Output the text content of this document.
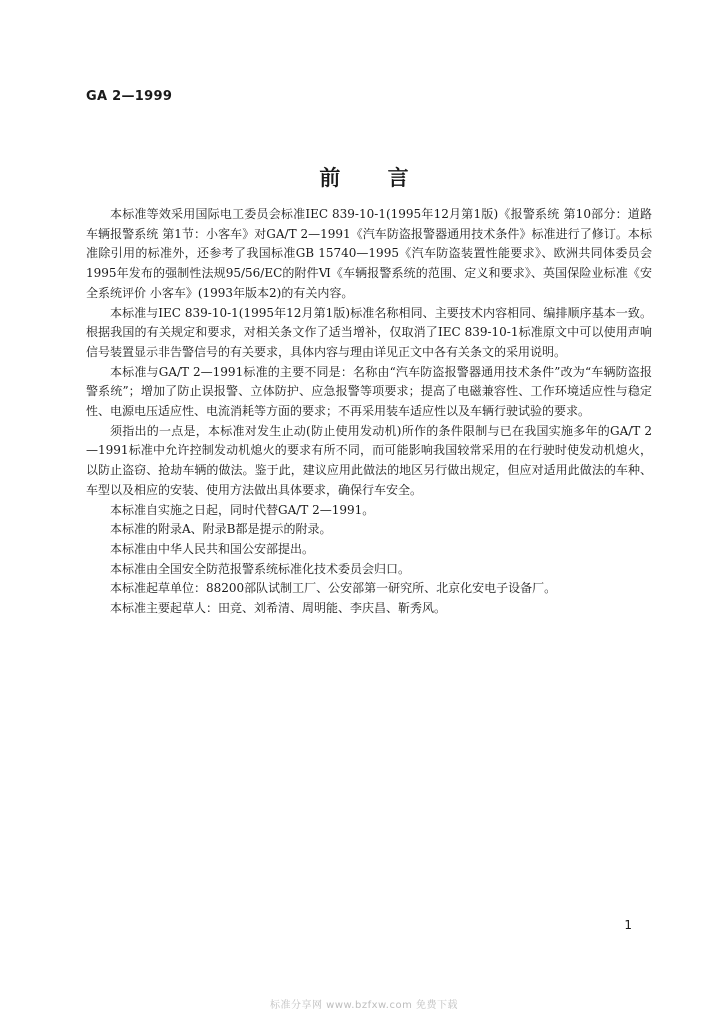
GA 2—1999
前 言

本标准等效采用国际电工委员会标准IEC 839-10-1(1995年12月第1版)《报警系统 第10部分：道路车辆报警系统 第1节：小客车》对GA/T 2—1991《汽车防盗报警器通用技术条件》标准进行了修订。本标准除引用的标准外，还参考了我国标准GB 15740—1995《汽车防盗装置性能要求》、欧洲共同体委员会1995年发布的强制性法规95/56/EC的附件Ⅵ《车辆报警系统的范围、定义和要求》、英国保险业标准《安全系统评价 小客车》(1993年版本2)的有关内容。

本标准与IEC 839-10-1(1995年12月第1版)标准名称相同、主要技术内容相同、编排顺序基本一致。根据我国的有关规定和要求，对相关条文作了适当增补，仅取消了IEC 839-10-1标准原文中可以使用声响信号装置显示非告警信号的有关要求，具体内容与理由详见正文中各有关条文的采用说明。

本标准与GA/T 2—1991标准的主要不同是：名称由“汽车防盗报警器通用技术条件”改为“车辆防盗报警系统”；增加了防止误报警、立体防护、应急报警等项要求；提高了电磁兼容性、工作环境适应性与稳定性、电源电压适应性、电流消耗等方面的要求；不再采用装车适应性以及车辆行驶试验的要求。

须指出的一点是，本标准对发生止动(防止使用发动机)所作的条件限制与已在我国实施多年的GA/T 2—1991标准中允许控制发动机熄火的要求有所不同，而可能影响我国较常采用的在行驶时使发动机熄火，以防止盗窃、抢劫车辆的做法。鉴于此，建议应用此做法的地区另行做出规定，但应对适用此做法的车种、车型以及相应的安装、使用方法做出具体要求，确保行车安全。

本标准自实施之日起，同时代替GA/T 2—1991。

本标准的附录A、附录B都是提示的附录。

本标准由中华人民共和国公安部提出。

本标准由全国安全防范报警系统标准化技术委员会归口。

本标准起草单位：88200部队试制工厂、公安部第一研究所、北京化安电子设备厂。

本标准主要起草人：田竞、刘希清、周明能、李庆昌、靳秀风。

1
标准分享网 www.bzfxw.com 免费下载
